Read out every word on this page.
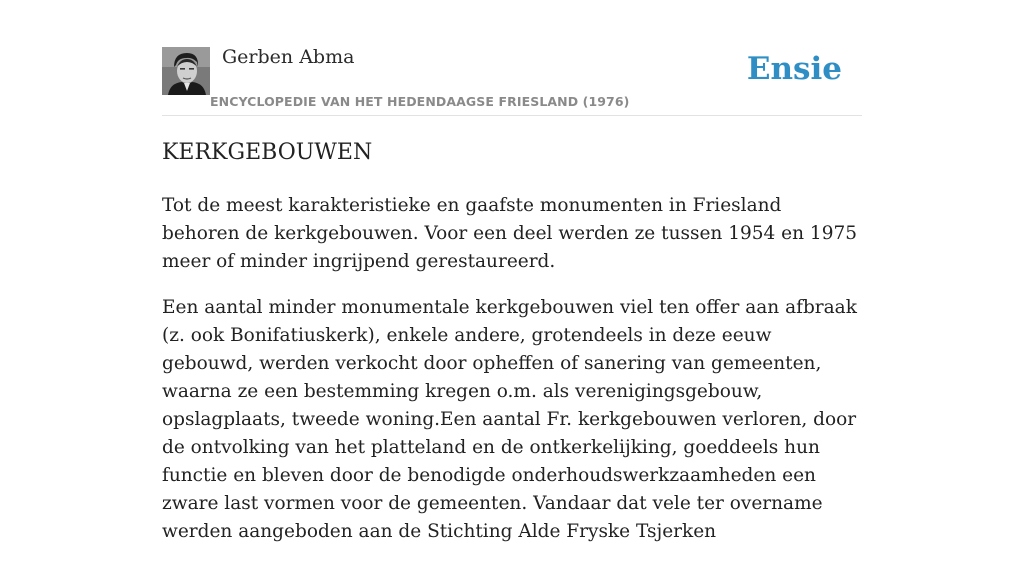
Gerben Abma
ENCYCLOPEDIE VAN HET HEDENDAAGSE FRIESLAND (1976)
Ensie
KERKGEBOUWEN

Tot de meest karakteristieke en gaafste monumenten in Friesland behoren de kerkgebouwen. Voor een deel werden ze tussen 1954 en 1975 meer of minder ingrijpend gerestaureerd.

Een aantal minder monumentale kerkgebouwen viel ten offer aan afbraak (z. ook Bonifatiuskerk), enkele andere, grotendeels in deze eeuw gebouwd, werden verkocht door opheffen of sanering van gemeenten, waarna ze een bestemming kregen o.m. als verenigingsgebouw, opslagplaats, tweede woning.Een aantal Fr. kerkgebouwen verloren, door de ontvolking van het platteland en de ontkerkelijking, goeddeels hun functie en bleven door de benodigde onderhoudswerkzaamheden een zware last vormen voor de gemeenten. Vandaar dat vele ter overname werden aangeboden aan de Stichting Alde Fryske Tsjerken
